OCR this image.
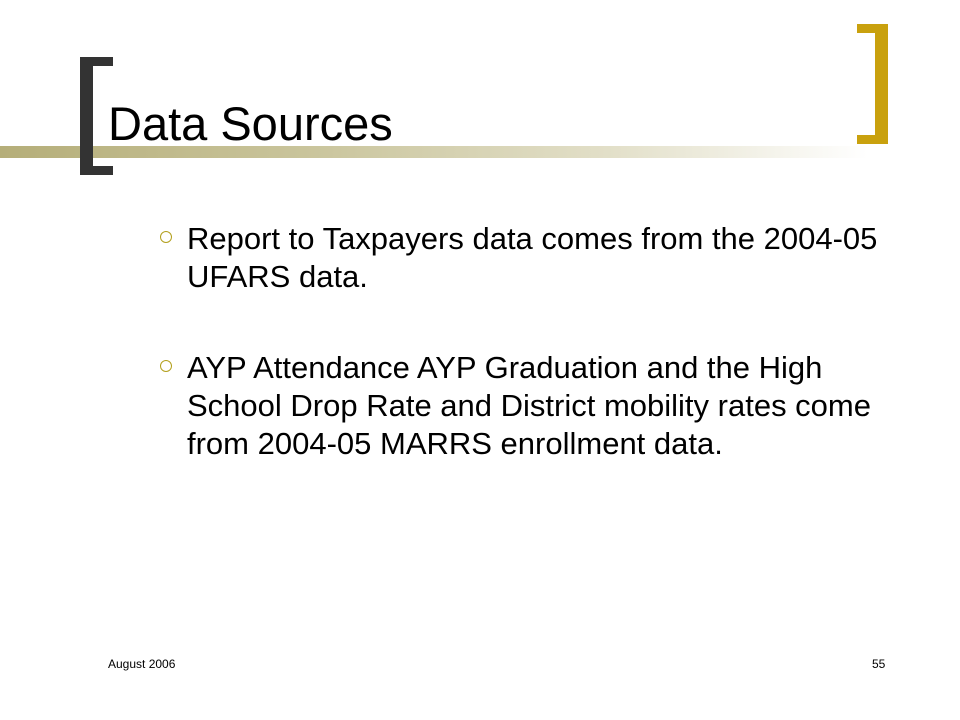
Data Sources
Report to Taxpayers data comes from the 2004-05 UFARS data.
AYP Attendance AYP Graduation and the High School Drop Rate and District mobility rates come from 2004-05 MARRS enrollment data.
August 2006	55
